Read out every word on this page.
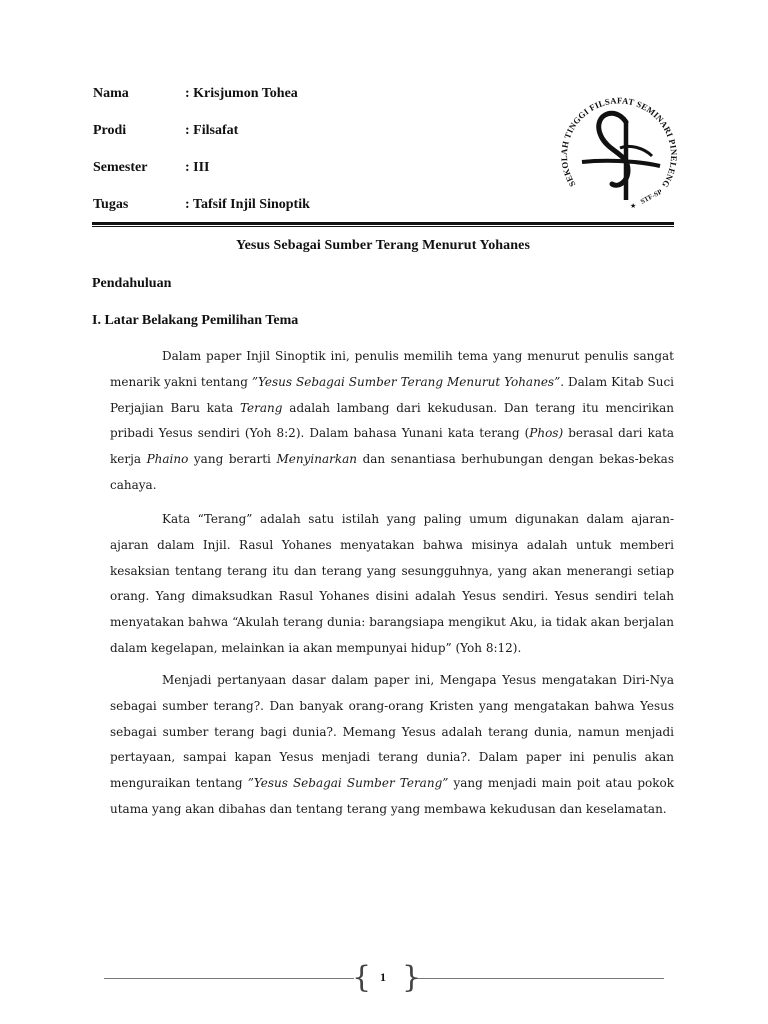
Nama	: Krisjumon Tohea
Prodi	: Filsafat
Semester	: III
Tugas	: Tafsif Injil Sinoptik
SEKOLAH TINGGI FILSAFAT SEMINARI PINELENG
STF-SP
★
Yesus Sebagai Sumber Terang Menurut Yohanes
Pendahuluan
I. Latar Belakang Pemilihan Tema

Dalam paper Injil Sinoptik ini, penulis memilih tema yang menurut penulis sangat menarik yakni tentang ”Yesus Sebagai Sumber Terang Menurut Yohanes”. Dalam Kitab Suci Perjajian Baru kata Terang adalah lambang dari kekudusan. Dan terang itu mencirikan pribadi Yesus sendiri (Yoh 8:2). Dalam bahasa Yunani kata terang (Phos) berasal dari kata kerja Phaino yang berarti Menyinarkan dan senantiasa berhubungan dengan bekas-bekas cahaya.

Kata “Terang” adalah satu istilah yang paling umum digunakan dalam ajaran-ajaran dalam Injil. Rasul Yohanes menyatakan bahwa misinya adalah untuk memberi kesaksian tentang terang itu dan terang yang sesungguhnya, yang akan menerangi setiap orang. Yang dimaksudkan Rasul Yohanes disini adalah Yesus sendiri. Yesus sendiri telah menyatakan bahwa “Akulah terang dunia: barangsiapa mengikut Aku, ia tidak akan berjalan dalam kegelapan, melainkan ia akan mempunyai hidup” (Yoh 8:12).

Menjadi pertanyaan dasar dalam paper ini, Mengapa Yesus mengatakan Diri-Nya sebagai sumber terang?. Dan banyak orang-orang Kristen yang mengatakan bahwa Yesus sebagai sumber terang bagi dunia?. Memang Yesus adalah terang dunia, namun menjadi pertayaan, sampai kapan Yesus menjadi terang dunia?. Dalam paper ini penulis akan menguraikan tentang ”Yesus Sebagai Sumber Terang” yang menjadi main poit atau pokok utama yang akan dibahas dan tentang terang yang membawa kekudusan dan keselamatan.

{ }
1
